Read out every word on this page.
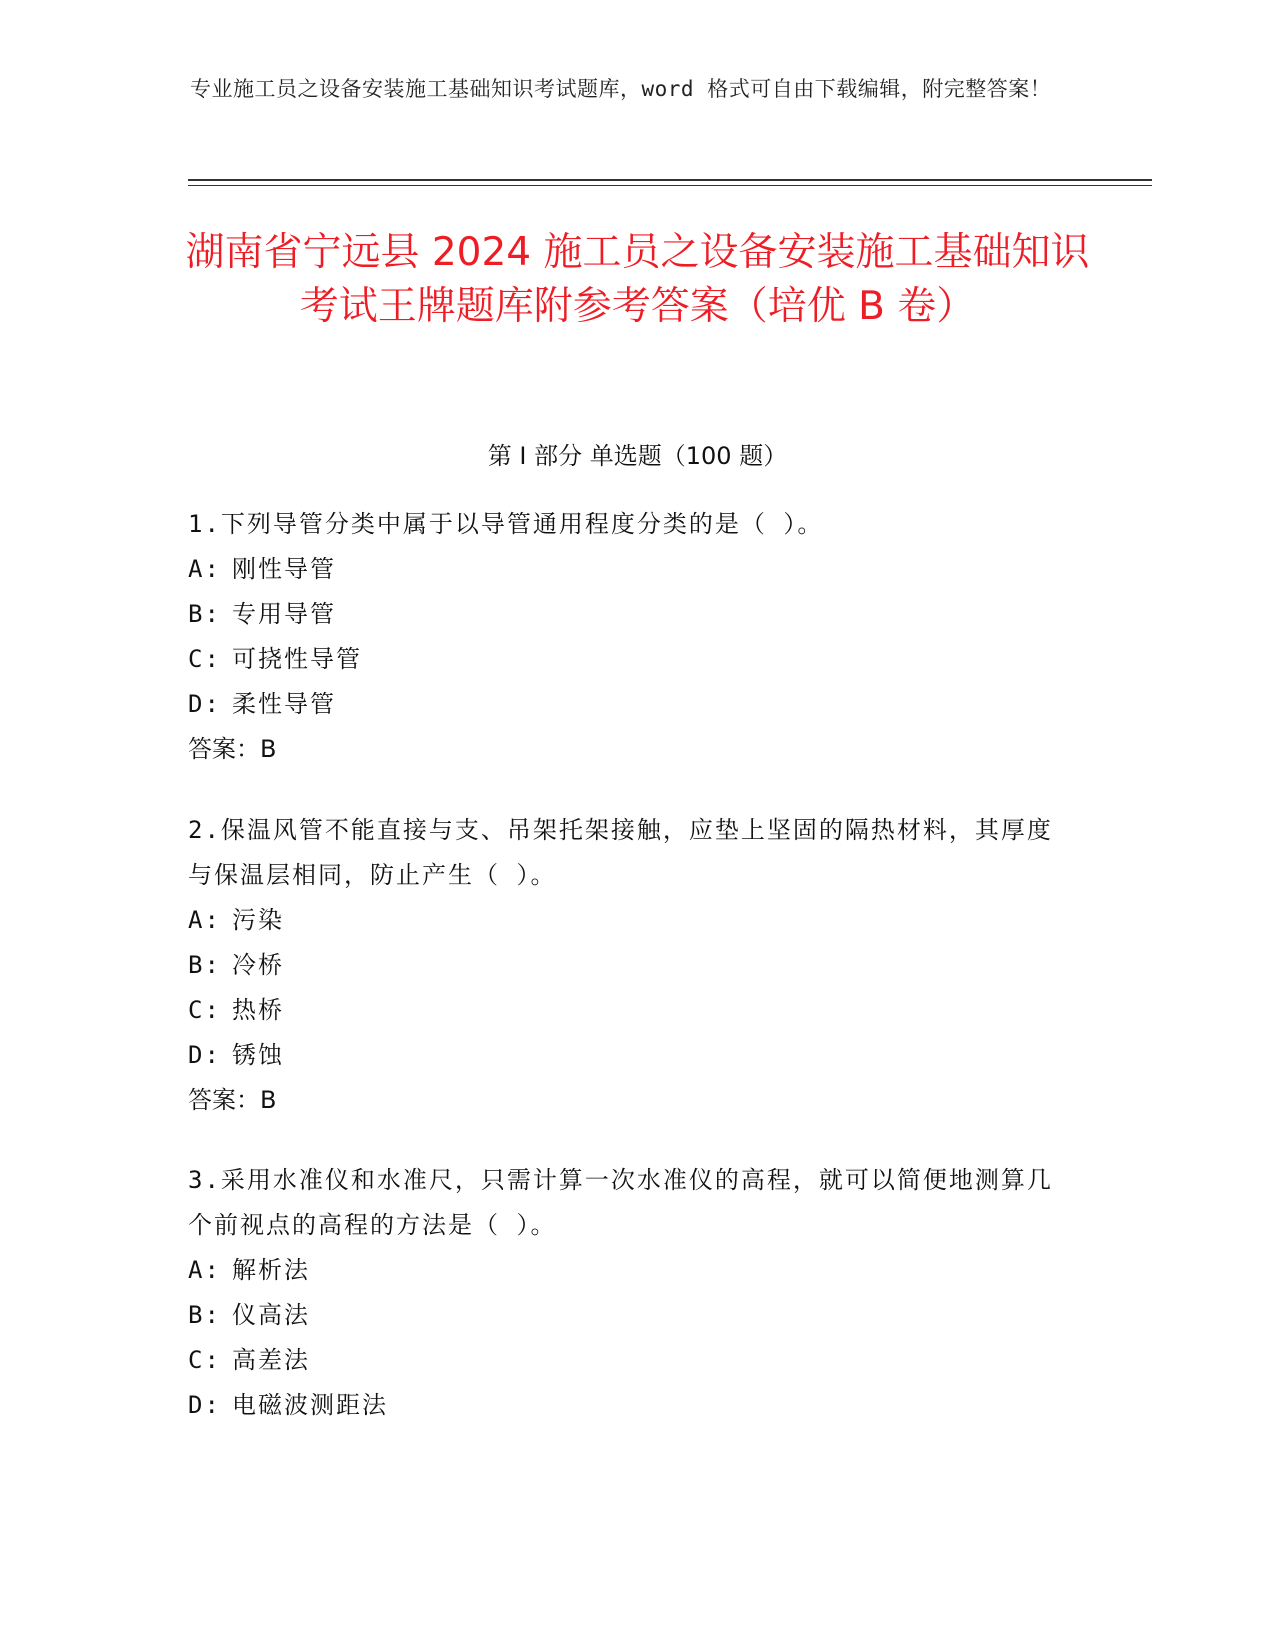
专业施工员之设备安装施工基础知识考试题库，word 格式可自由下载编辑，附完整答案！
湖南省宁远县 2024 施工员之设备安装施工基础知识考试王牌题库附参考答案（培优 B 卷）
第 I 部分 单选题（100 题）
1.下列导管分类中属于以导管通用程度分类的是（ ）。
A: 刚性导管
B: 专用导管
C: 可挠性导管
D: 柔性导管
答案：B
2.保温风管不能直接与支、吊架托架接触，应垫上坚固的隔热材料，其厚度与保温层相同，防止产生（ ）。
A: 污染
B: 冷桥
C: 热桥
D: 锈蚀
答案：B
3.采用水准仪和水准尺，只需计算一次水准仪的高程，就可以简便地测算几个前视点的高程的方法是（ ）。
A: 解析法
B: 仪高法
C: 高差法
D: 电磁波测距法
